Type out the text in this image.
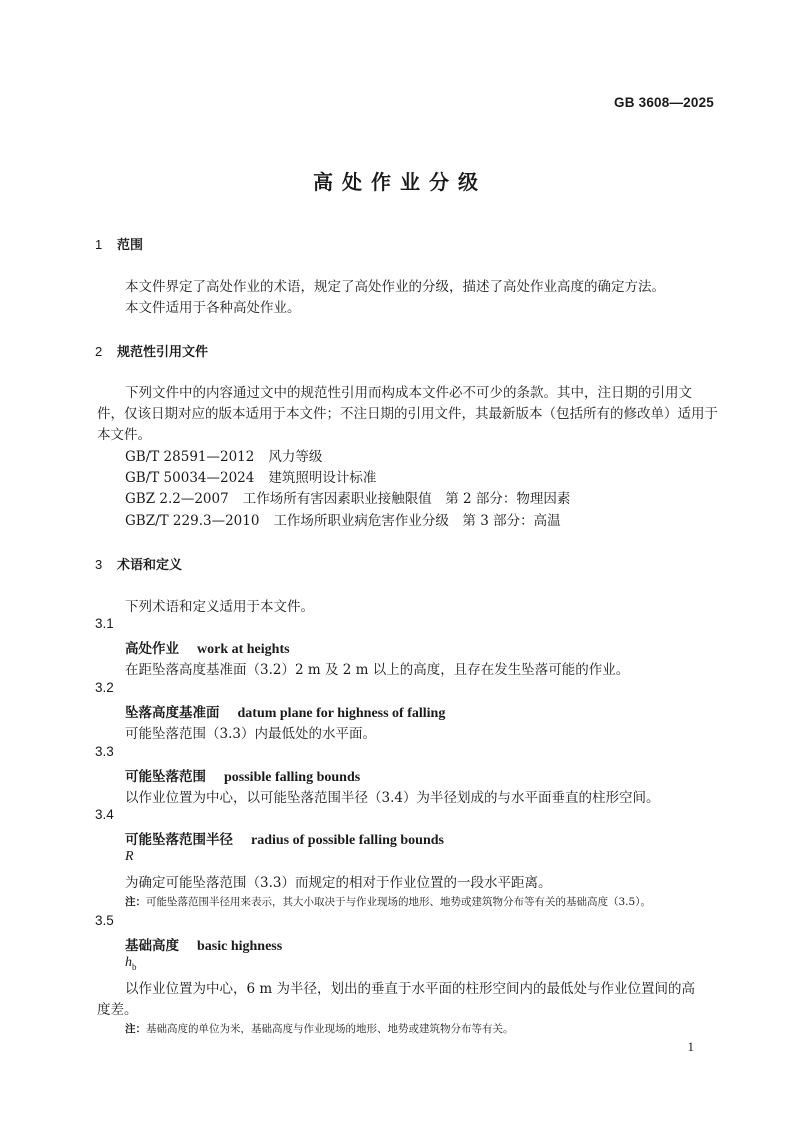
GB 3608—2025
高处作业分级
1 范围
本文件界定了高处作业的术语，规定了高处作业的分级，描述了高处作业高度的确定方法。
本文件适用于各种高处作业。
2 规范性引用文件
下列文件中的内容通过文中的规范性引用而构成本文件必不可少的条款。其中，注日期的引用文
件，仅该日期对应的版本适用于本文件；不注日期的引用文件，其最新版本（包括所有的修改单）适用于
本文件。
GB/T 28591—2012 风力等级
GB/T 50034—2024 建筑照明设计标准
GBZ 2.2—2007 工作场所有害因素职业接触限值　第 2 部分：物理因素
GBZ/T 229.3—2010 工作场所职业病危害作业分级　第 3 部分：高温
3 术语和定义
下列术语和定义适用于本文件。
3.1
高处作业 work at heights
在距坠落高度基准面（3.2）2 m 及 2 m 以上的高度，且存在发生坠落可能的作业。
3.2
坠落高度基准面 datum plane for highness of falling
可能坠落范围（3.3）内最低处的水平面。
3.3
可能坠落范围 possible falling bounds
以作业位置为中心，以可能坠落范围半径（3.4）为半径划成的与水平面垂直的柱形空间。
3.4
可能坠落范围半径 radius of possible falling bounds
R
为确定可能坠落范围（3.3）而规定的相对于作业位置的一段水平距离。
注：可能坠落范围半径用来表示，其大小取决于与作业现场的地形、地势或建筑物分布等有关的基础高度（3.5）。
3.5
基础高度 basic highness
$h_b$
以作业位置为中心，6 m 为半径，划出的垂直于水平面的柱形空间内的最低处与作业位置间的高
度差。
注：基础高度的单位为米，基础高度与作业现场的地形、地势或建筑物分布等有关。
1
